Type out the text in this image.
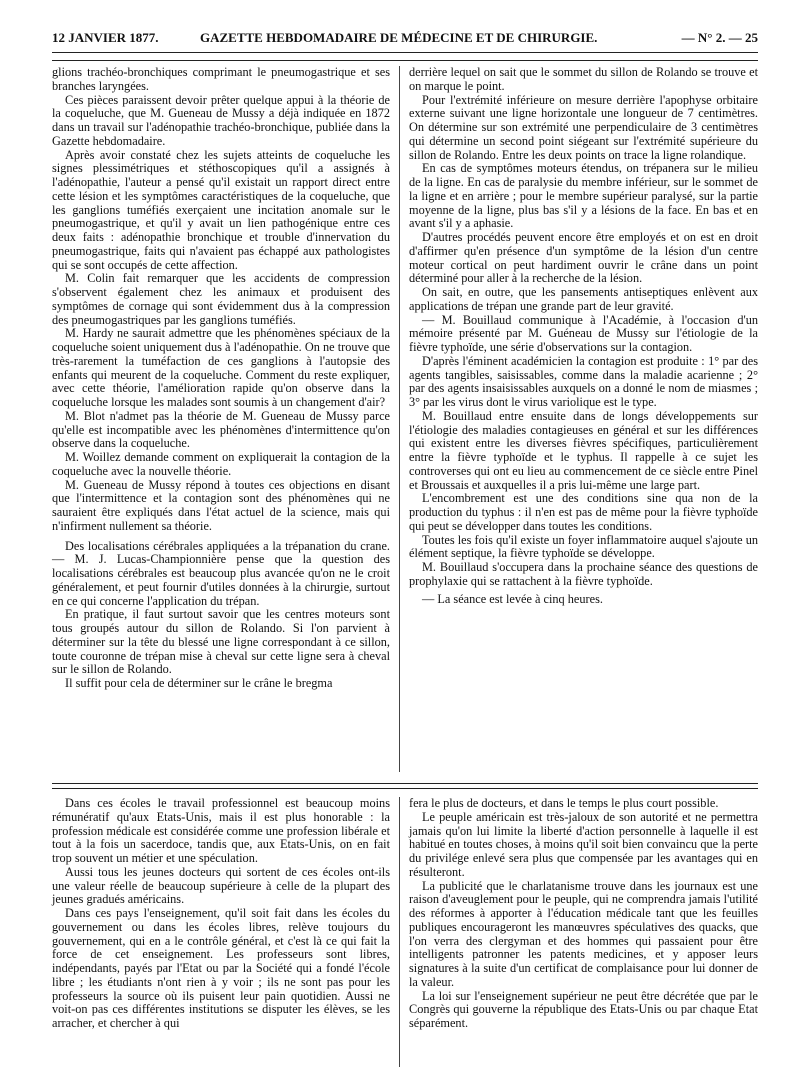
12 JANVIER 1877.	GAZETTE HEBDOMADAIRE DE MÉDECINE ET DE CHIRURGIE.	— N° 2. — 25

glions trachéo-bronchiques comprimant le pneumogastrique et ses branches laryngées.

Ces pièces paraissent devoir prêter quelque appui à la théorie de la coqueluche, que M. Gueneau de Mussy a déjà indiquée en 1872 dans un travail sur l'adénopathie trachéo-bronchique, publiée dans la Gazette hebdomadaire.

Après avoir constaté chez les sujets atteints de coqueluche les signes plessimétriques et stéthoscopiques qu'il a assignés à l'adénopathie, l'auteur a pensé qu'il existait un rapport direct entre cette lésion et les symptômes caractéristiques de la coqueluche, que les ganglions tuméfiés exerçaient une incitation anomale sur le pneumogastrique, et qu'il y avait un lien pathogénique entre ces deux faits : adénopathie bronchique et trouble d'innervation du pneumogastrique, faits qui n'avaient pas échappé aux pathologistes qui se sont occupés de cette affection.

M. Colin fait remarquer que les accidents de compression s'observent également chez les animaux et produisent des symptômes de cornage qui sont évidemment dus à la compression des pneumogastriques par les ganglions tuméfiés.

M. Hardy ne saurait admettre que les phénomènes spéciaux de la coqueluche soient uniquement dus à l'adénopathie. On ne trouve que très-rarement la tuméfaction de ces ganglions à l'autopsie des enfants qui meurent de la coqueluche. Comment du reste expliquer, avec cette théorie, l'amélioration rapide qu'on observe dans la coqueluche lorsque les malades sont soumis à un changement d'air?

M. Blot n'admet pas la théorie de M. Gueneau de Mussy parce qu'elle est incompatible avec les phénomènes d'intermittence qu'on observe dans la coqueluche.

M. Woillez demande comment on expliquerait la contagion de la coqueluche avec la nouvelle théorie.

M. Gueneau de Mussy répond à toutes ces objections en disant que l'intermittence et la contagion sont des phénomènes qui ne sauraient être expliqués dans l'état actuel de la science, mais qui n'infirment nullement sa théorie.

Des localisations cérébrales appliquées a la trépanation du crane. — M. J. Lucas-Championnière pense que la question des localisations cérébrales est beaucoup plus avancée qu'on ne le croit généralement, et peut fournir d'utiles données à la chirurgie, surtout en ce qui concerne l'application du trépan.

En pratique, il faut surtout savoir que les centres moteurs sont tous groupés autour du sillon de Rolando. Si l'on parvient à déterminer sur la tête du blessé une ligne correspondant à ce sillon, toute couronne de trépan mise à cheval sur cette ligne sera à cheval sur le sillon de Rolando.

Il suffit pour cela de déterminer sur le crâne le bregma

derrière lequel on sait que le sommet du sillon de Rolando se trouve et on marque le point.

Pour l'extrémité inférieure on mesure derrière l'apophyse orbitaire externe suivant une ligne horizontale une longueur de 7 centimètres. On détermine sur son extrémité une perpendiculaire de 3 centimètres qui détermine un second point siégeant sur l'extrémité supérieure du sillon de Rolando. Entre les deux points on trace la ligne rolandique.

En cas de symptômes moteurs étendus, on trépanera sur le milieu de la ligne. En cas de paralysie du membre inférieur, sur le sommet de la ligne et en arrière ; pour le membre supérieur paralysé, sur la partie moyenne de la ligne, plus bas s'il y a lésions de la face. En bas et en avant s'il y a aphasie.

D'autres procédés peuvent encore être employés et on est en droit d'affirmer qu'en présence d'un symptôme de la lésion d'un centre moteur cortical on peut hardiment ouvrir le crâne dans un point déterminé pour aller à la recherche de la lésion.

On sait, en outre, que les pansements antiseptiques enlèvent aux applications de trépan une grande part de leur gravité.

— M. Bouillaud communique à l'Académie, à l'occasion d'un mémoire présenté par M. Guéneau de Mussy sur l'étiologie de la fièvre typhoïde, une série d'observations sur la contagion.

D'après l'éminent académicien la contagion est produite : 1° par des agents tangibles, saisissables, comme dans la maladie acarienne ; 2° par des agents insaisissables auxquels on a donné le nom de miasmes ; 3° par les virus dont le virus variolique est le type.

M. Bouillaud entre ensuite dans de longs développements sur l'étiologie des maladies contagieuses en général et sur les différences qui existent entre les diverses fièvres spécifiques, particulièrement entre la fièvre typhoïde et le typhus. Il rappelle à ce sujet les controverses qui ont eu lieu au commencement de ce siècle entre Pinel et Broussais et auxquelles il a pris lui-même une large part.

L'encombrement est une des conditions sine qua non de la production du typhus : il n'en est pas de même pour la fièvre typhoïde qui peut se développer dans toutes les conditions.

Toutes les fois qu'il existe un foyer inflammatoire auquel s'ajoute un élément septique, la fièvre typhoïde se développe.

M. Bouillaud s'occupera dans la prochaine séance des questions de prophylaxie qui se rattachent à la fièvre typhoïde.

— La séance est levée à cinq heures.

Dans ces écoles le travail professionnel est beaucoup moins rémunératif qu'aux Etats-Unis, mais il est plus honorable : la profession médicale est considérée comme une profession libérale et tout à la fois un sacerdoce, tandis que, aux Etats-Unis, on en fait trop souvent un métier et une spéculation.

Aussi tous les jeunes docteurs qui sortent de ces écoles ont-ils une valeur réelle de beaucoup supérieure à celle de la plupart des jeunes gradués américains.

Dans ces pays l'enseignement, qu'il soit fait dans les écoles du gouvernement ou dans les écoles libres, relève toujours du gouvernement, qui en a le contrôle général, et c'est là ce qui fait la force de cet enseignement. Les professeurs sont libres, indépendants, payés par l'Etat ou par la Société qui a fondé l'école libre ; les étudiants n'ont rien à y voir ; ils ne sont pas pour les professeurs la source où ils puisent leur pain quotidien. Aussi ne voit-on pas ces différentes institutions se disputer les élèves, se les arracher, et chercher à qui

fera le plus de docteurs, et dans le temps le plus court possible.

Le peuple américain est très-jaloux de son autorité et ne permettra jamais qu'on lui limite la liberté d'action personnelle à laquelle il est habitué en toutes choses, à moins qu'il soit bien convaincu que la perte du privilége enlevé sera plus que compensée par les avantages qui en résulteront.

La publicité que le charlatanisme trouve dans les journaux est une raison d'aveuglement pour le peuple, qui ne comprendra jamais l'utilité des réformes à apporter à l'éducation médicale tant que les feuilles publiques encourageront les manœuvres spéculatives des quacks, que l'on verra des clergyman et des hommes qui passaient pour être intelligents patronner les patents medicines, et y apposer leurs signatures à la suite d'un certificat de complaisance pour lui donner de la valeur.

La loi sur l'enseignement supérieur ne peut être décrétée que par le Congrès qui gouverne la république des Etats-Unis ou par chaque Etat séparément.
